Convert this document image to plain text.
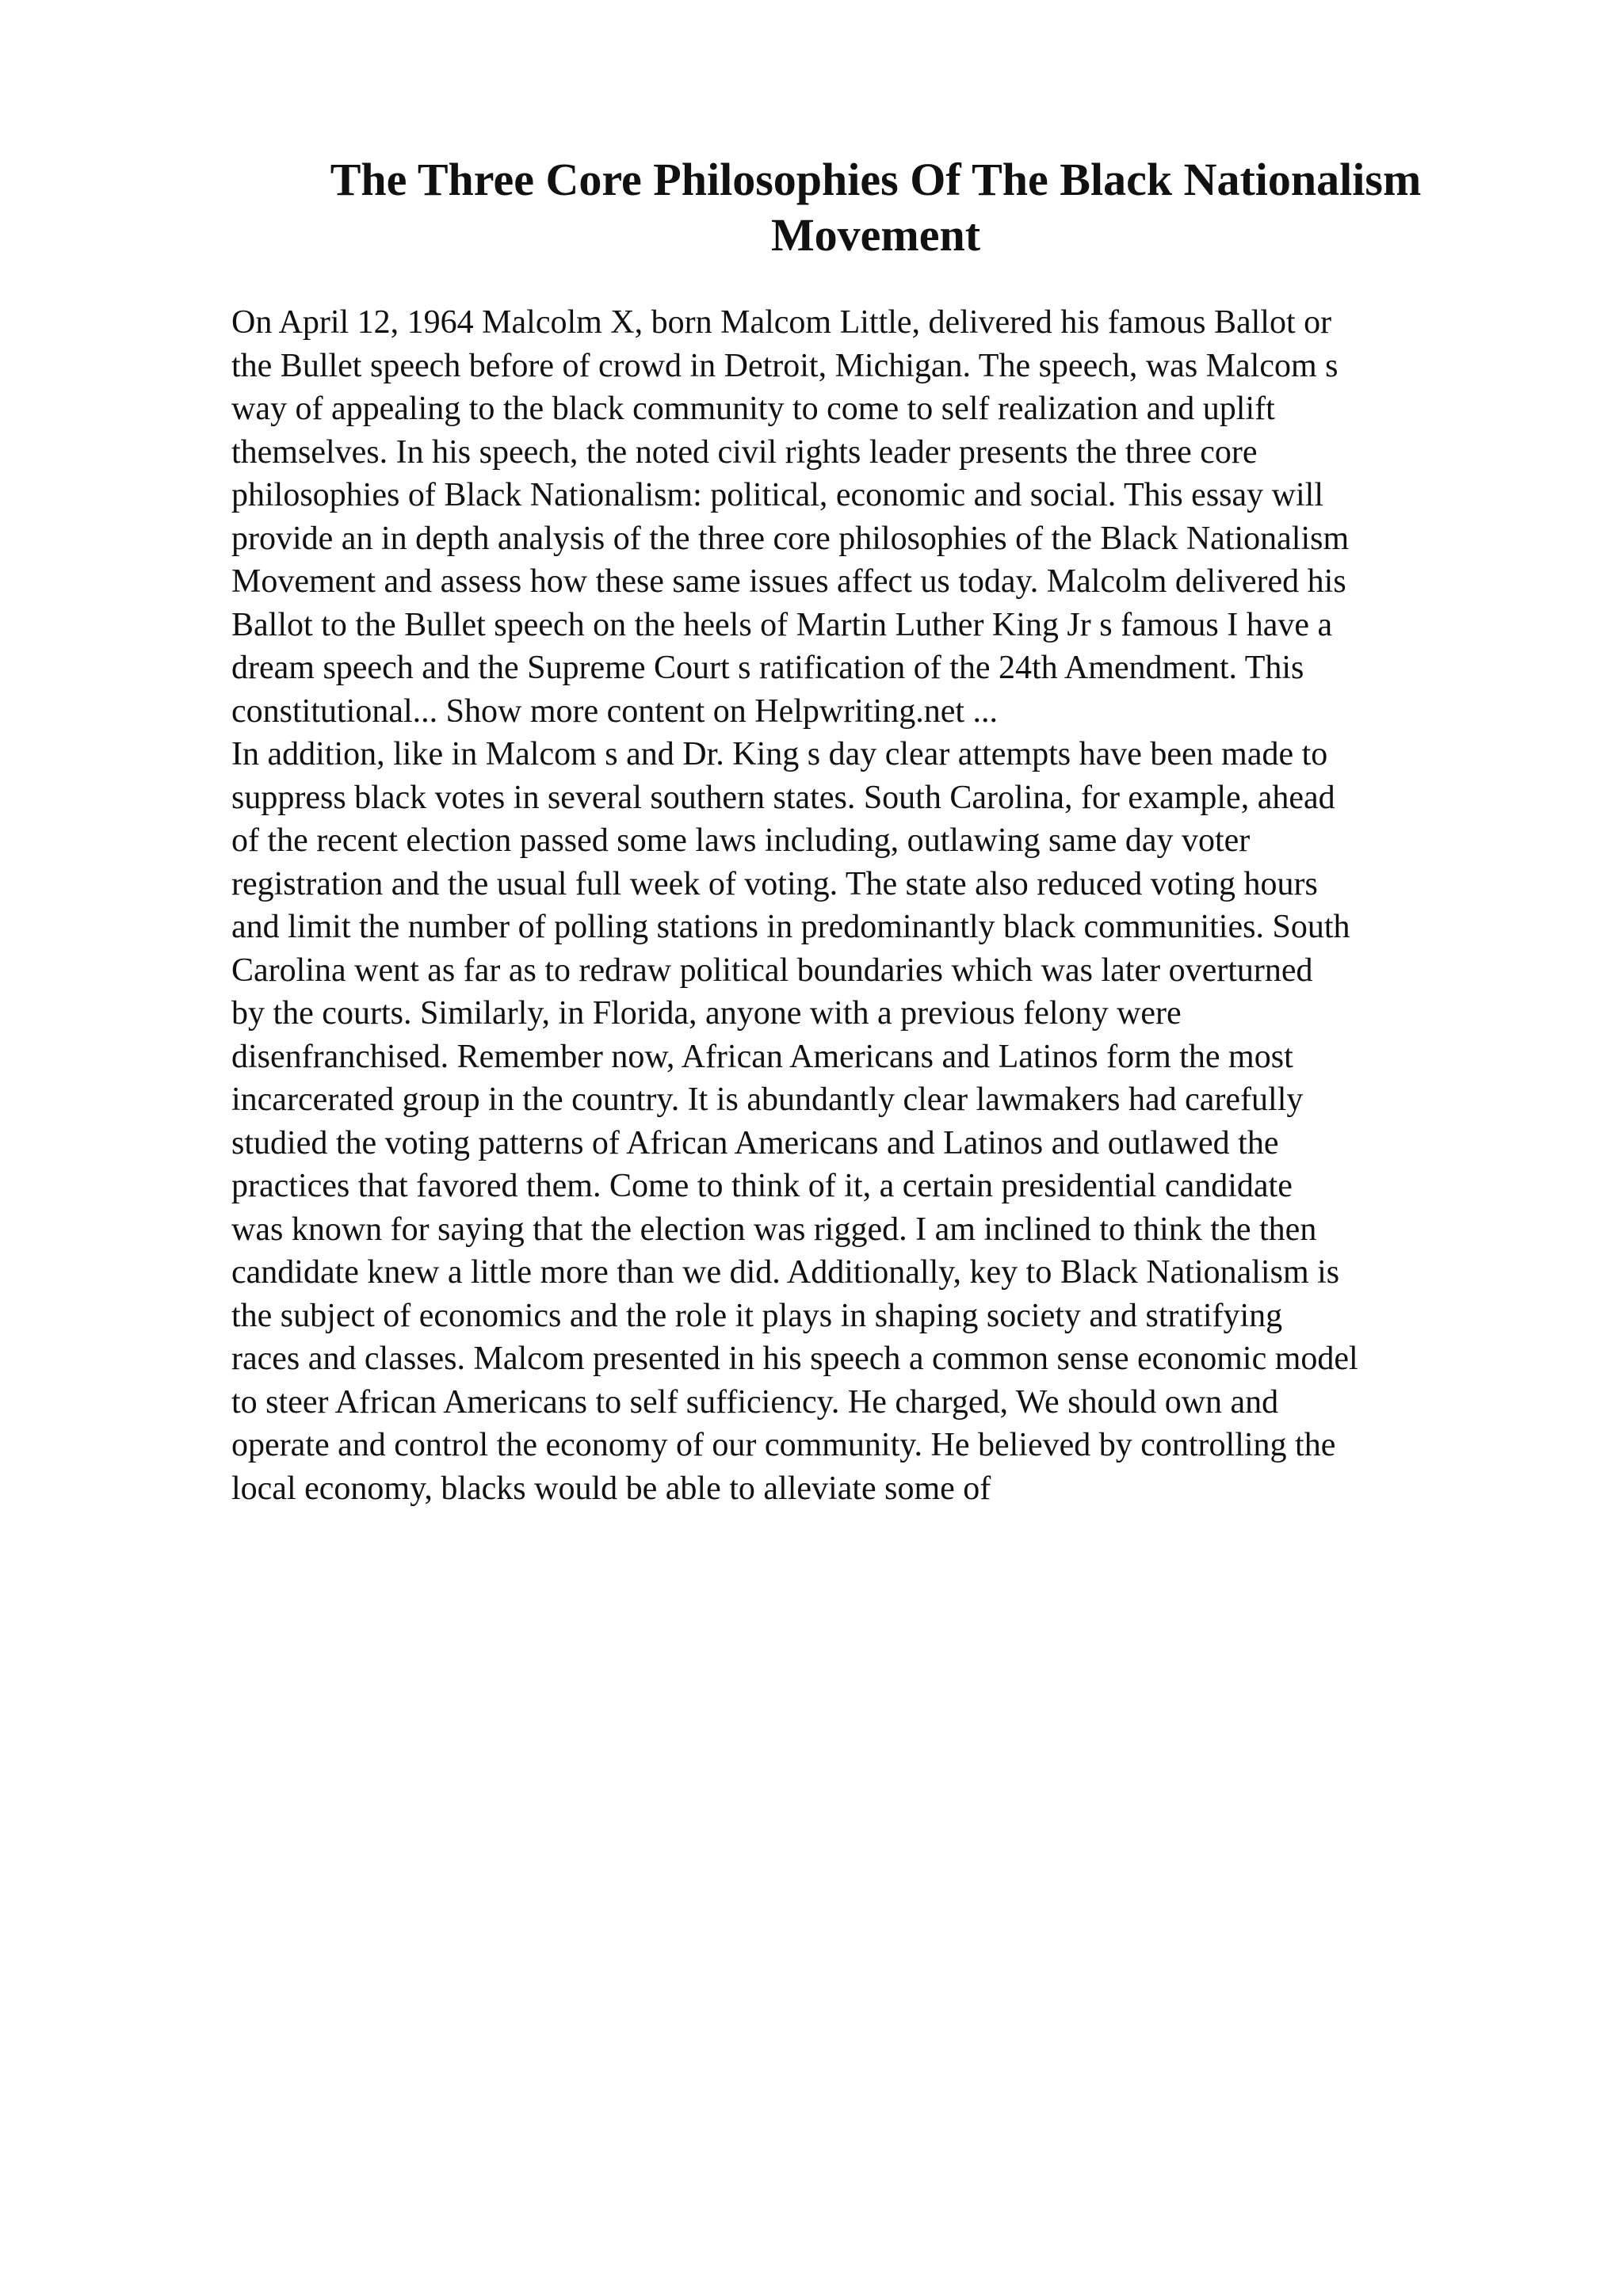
The Three Core Philosophies Of The Black Nationalism
Movement

On April 12, 1964 Malcolm X, born Malcom Little, delivered his famous Ballot or
the Bullet speech before of crowd in Detroit, Michigan. The speech, was Malcom s
way of appealing to the black community to come to self realization and uplift
themselves. In his speech, the noted civil rights leader presents the three core
philosophies of Black Nationalism: political, economic and social. This essay will
provide an in depth analysis of the three core philosophies of the Black Nationalism
Movement and assess how these same issues affect us today. Malcolm delivered his
Ballot to the Bullet speech on the heels of Martin Luther King Jr s famous I have a
dream speech and the Supreme Court s ratification of the 24th Amendment. This
constitutional... Show more content on Helpwriting.net ...

In addition, like in Malcom s and Dr. King s day clear attempts have been made to
suppress black votes in several southern states. South Carolina, for example, ahead
of the recent election passed some laws including, outlawing same day voter
registration and the usual full week of voting. The state also reduced voting hours
and limit the number of polling stations in predominantly black communities. South
Carolina went as far as to redraw political boundaries which was later overturned
by the courts. Similarly, in Florida, anyone with a previous felony were
disenfranchised. Remember now, African Americans and Latinos form the most
incarcerated group in the country. It is abundantly clear lawmakers had carefully
studied the voting patterns of African Americans and Latinos and outlawed the
practices that favored them. Come to think of it, a certain presidential candidate
was known for saying that the election was rigged. I am inclined to think the then
candidate knew a little more than we did. Additionally, key to Black Nationalism is
the subject of economics and the role it plays in shaping society and stratifying
races and classes. Malcom presented in his speech a common sense economic model
to steer African Americans to self sufficiency. He charged, We should own and
operate and control the economy of our community. He believed by controlling the
local economy, blacks would be able to alleviate some of
